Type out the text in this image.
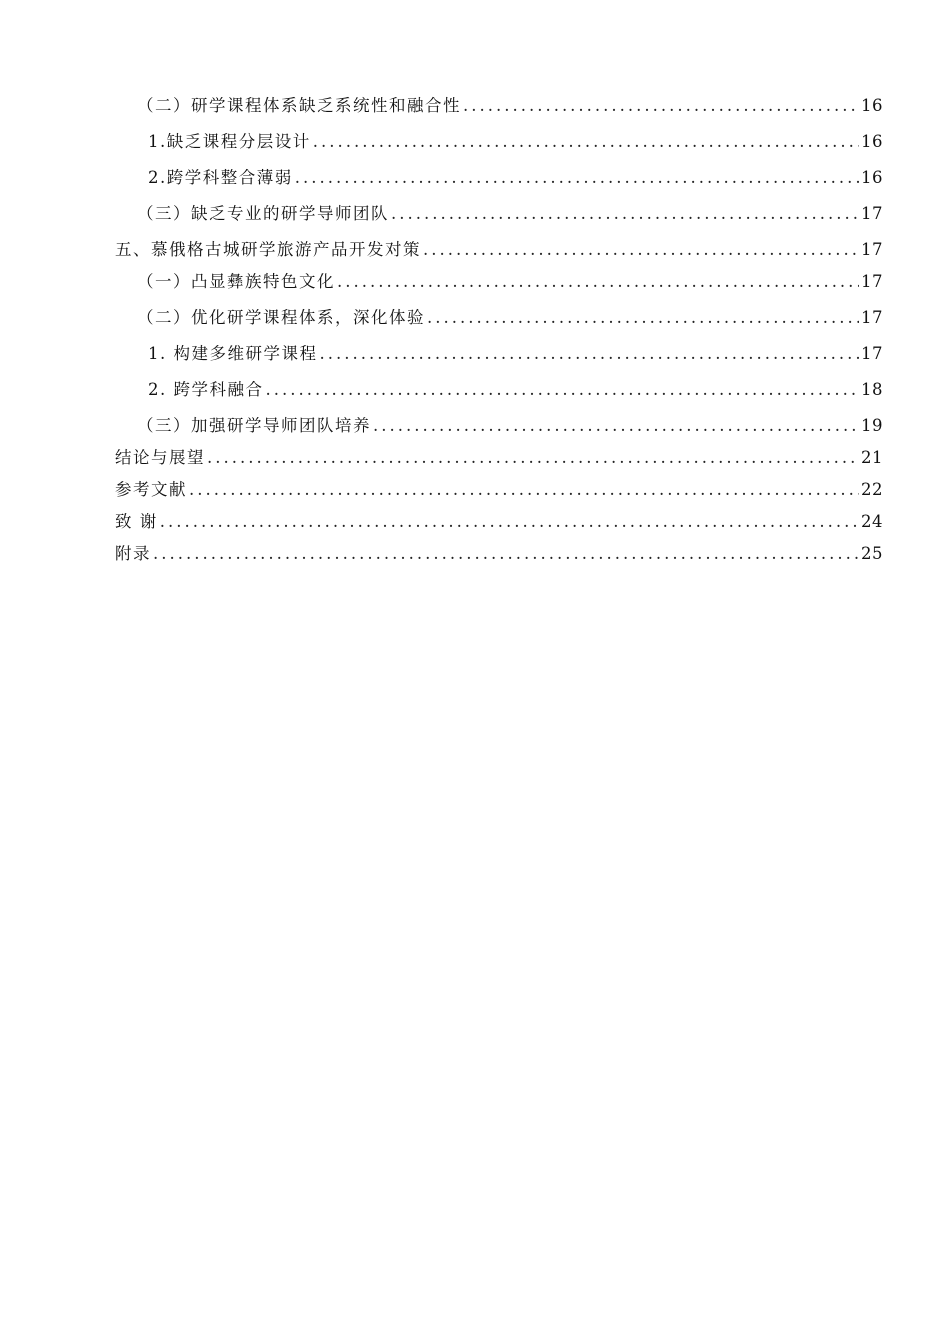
（二）研学课程体系缺乏系统性和融合性 .....	16
1.缺乏课程分层设计 .....	16
2.跨学科整合薄弱 .....	16
（三）缺乏专业的研学导师团队 .....	17
五、慕俄格古城研学旅游产品开发对策 .....	17
（一）凸显彝族特色文化 .....	17
（二）优化研学课程体系，深化体验 .....	17
1. 构建多维研学课程 .....	17
2. 跨学科融合 .....	18
（三）加强研学导师团队培养 .....	19
结论与展望 .....	21
参考文献 .....	22
致 谢 .....	24
附录 .....	25
